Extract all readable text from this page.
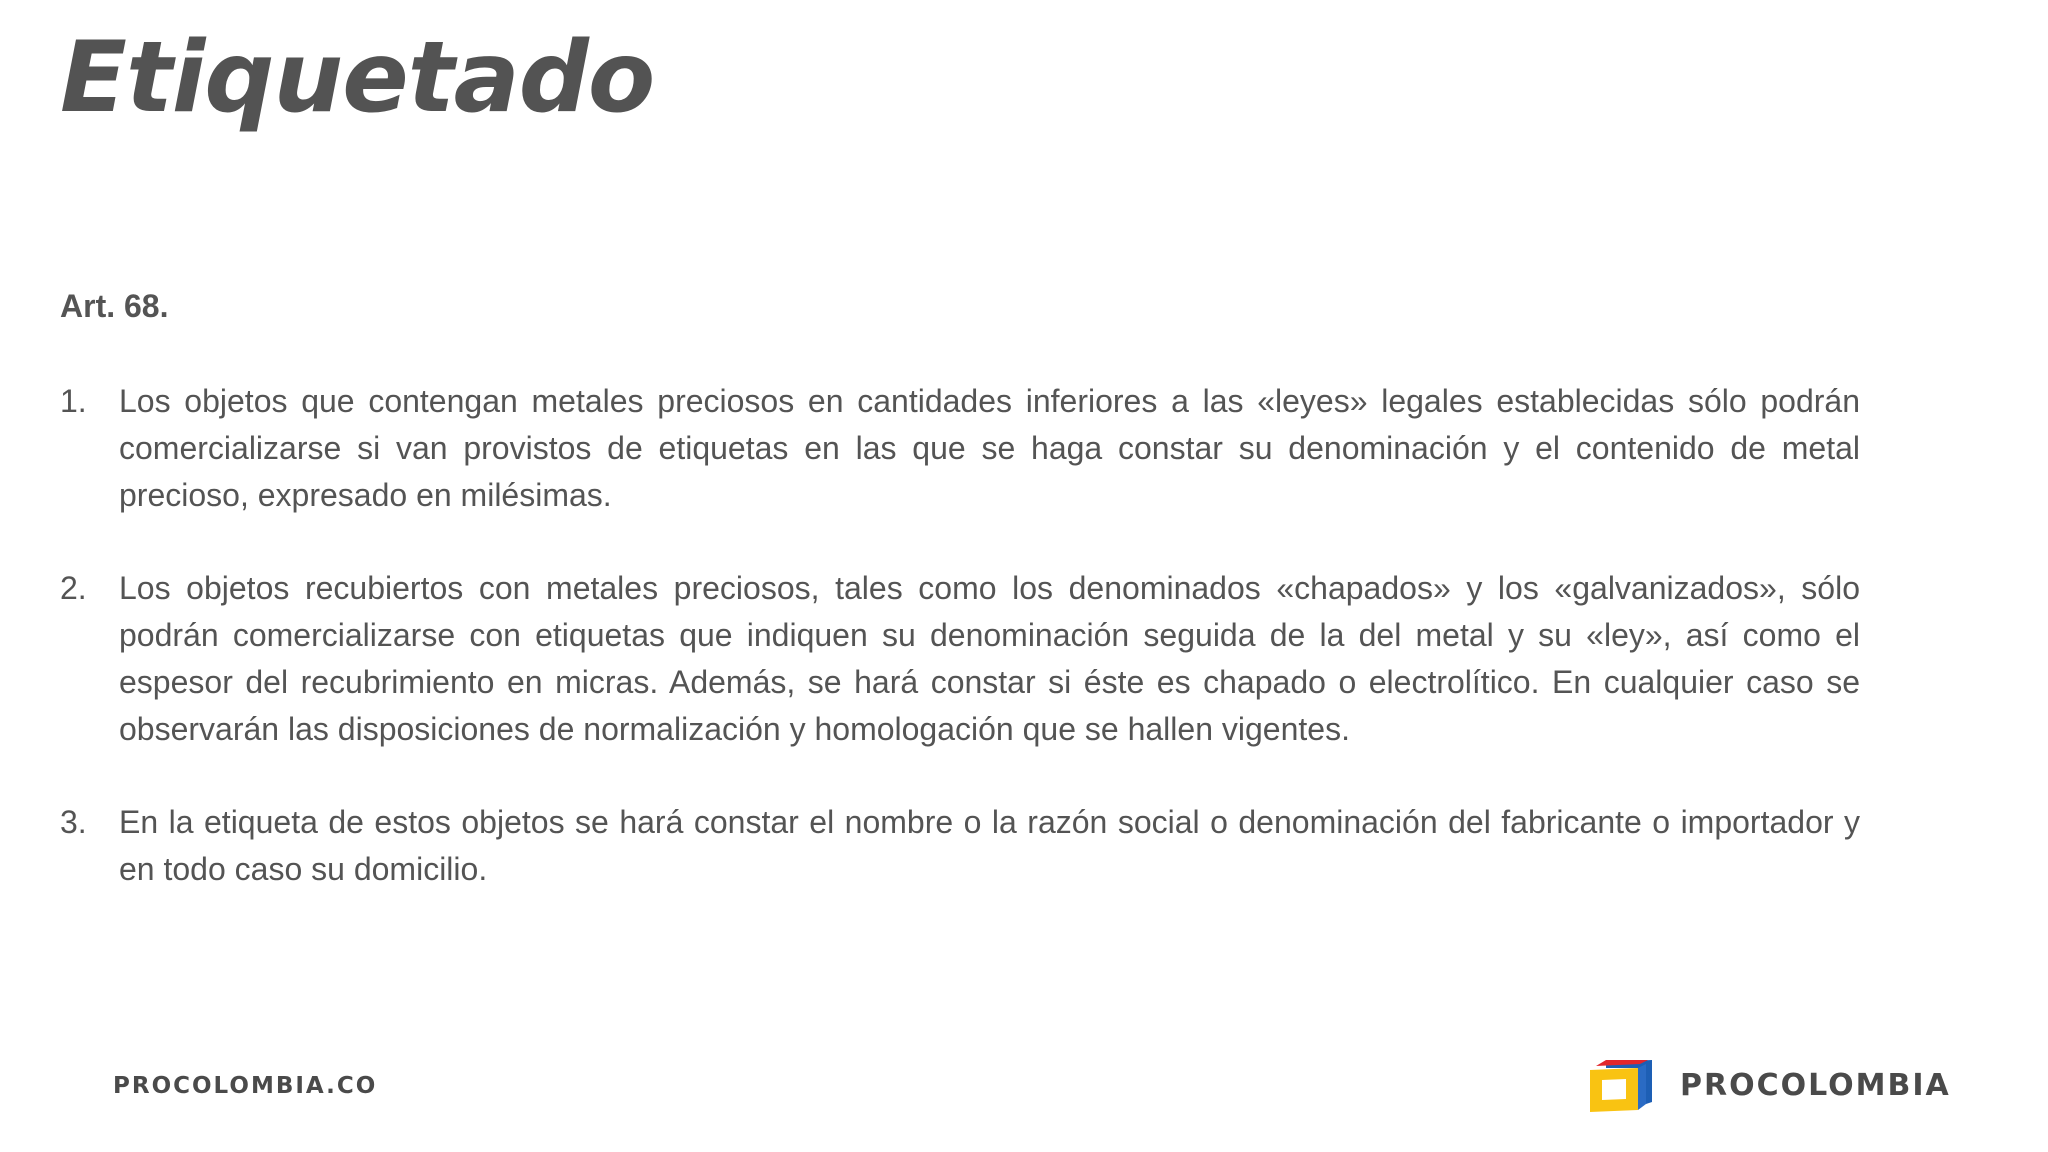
Etiquetado
Art. 68.
1. Los objetos que contengan metales preciosos en cantidades inferiores a las «leyes» legales establecidas sólo podrán comercializarse si van provistos de etiquetas en las que se haga constar su denominación y el contenido de metal precioso, expresado en milésimas.
2. Los objetos recubiertos con metales preciosos, tales como los denominados «chapados» y los «galvanizados», sólo podrán comercializarse con etiquetas que indiquen su denominación seguida de la del metal y su «ley», así como el espesor del recubrimiento en micras. Además, se hará constar si éste es chapado o electrolítico. En cualquier caso se observarán las disposiciones de normalización y homologación que se hallen vigentes.
3. En la etiqueta de estos objetos se hará constar el nombre o la razón social o denominación del fabricante o importador y en todo caso su domicilio.
PROCOLOMBIA.CO	PROCOLOMBIA
